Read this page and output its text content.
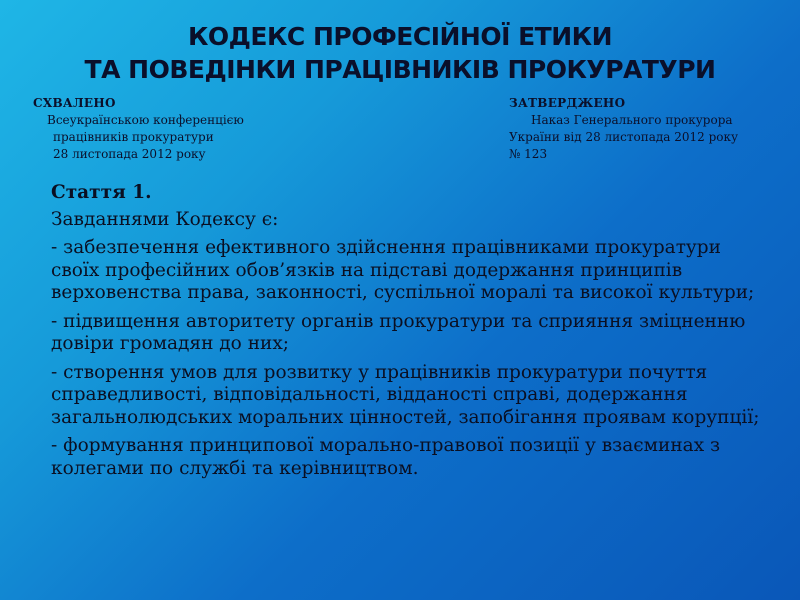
КОДЕКС ПРОФЕСІЙНОЇ ЕТИКИ
ТА ПОВЕДІНКИ ПРАЦІВНИКІВ ПРОКУРАТУРИ
СХВАЛЕНО
Всеукраїнською конференцією
працівників прокуратури
28 листопада 2012 року
ЗАТВЕРДЖЕНО
Наказ Генерального прокурора
України від 28 листопада 2012 року
№ 123
Стаття 1.
Завданнями Кодексу є:
- забезпечення ефективного здійснення працівниками прокуратури своїх професійних обов’язків на підставі додержання принципів верховенства права, законності, суспільної моралі та високої культури;
- підвищення авторитету органів прокуратури та сприяння зміцненню довіри громадян до них;
- створення умов для розвитку у працівників прокуратури почуття справедливості, відповідальності, відданості справі, додержання загальнолюдських моральних цінностей, запобігання проявам корупції;
- формування принципової морально-правової позиції у взаєминах з колегами по службі та керівництвом.
